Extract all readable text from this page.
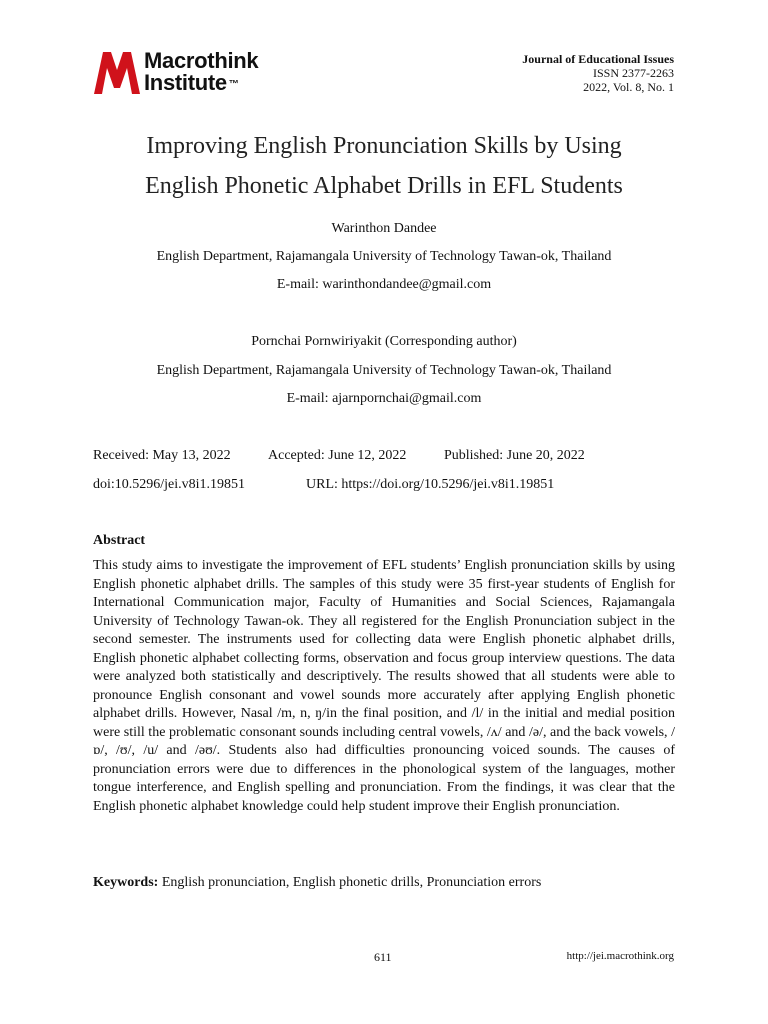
Macrothink
Institute ™
Journal of Educational Issues
ISSN 2377-2263
2022, Vol. 8, No. 1
Improving English Pronunciation Skills by Using
English Phonetic Alphabet Drills in EFL Students
Warinthon Dandee
English Department, Rajamangala University of Technology Tawan-ok, Thailand
E-mail: warinthondandee@gmail.com
Pornchai Pornwiriyakit (Corresponding author)
English Department, Rajamangala University of Technology Tawan-ok, Thailand
E-mail: ajarnpornchai@gmail.com
Received: May 13, 2022	Accepted: June 12, 2022	Published: June 20, 2022
doi:10.5296/jei.v8i1.19851	URL: https://doi.org/10.5296/jei.v8i1.19851
Abstract
This study aims to investigate the improvement of EFL students’ English pronunciation skills by using English phonetic alphabet drills. The samples of this study were 35 first-year students of English for International Communication major, Faculty of Humanities and Social Sciences, Rajamangala University of Technology Tawan-ok. They all registered for the English Pronunciation subject in the second semester. The instruments used for collecting data were English phonetic alphabet drills, English phonetic alphabet collecting forms, observation and focus group interview questions. The data were analyzed both statistically and descriptively. The results showed that all students were able to pronounce English consonant and vowel sounds more accurately after applying English phonetic alphabet drills. However, Nasal /m, n, ŋ/in the final position, and /l/ in the initial and medial position were still the problematic consonant sounds including central vowels, /ʌ/ and /ə/, and the back vowels, /ɒ/, /ʊ/, /u/ and /əʊ/. Students also had difficulties pronouncing voiced sounds. The causes of pronunciation errors were due to differences in the phonological system of the languages, mother tongue interference, and English spelling and pronunciation. From the findings, it was clear that the English phonetic alphabet knowledge could help student improve their English pronunciation.
Keywords: English pronunciation, English phonetic drills, Pronunciation errors
611	http://jei.macrothink.org
